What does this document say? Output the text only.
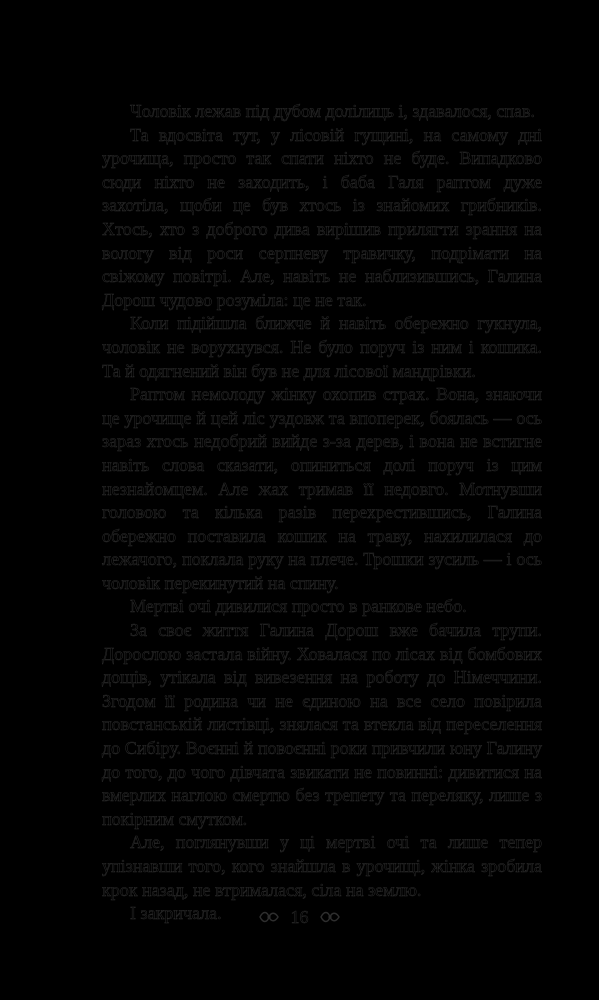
Чоловік лежав під дубом долілиць і, здавалося, спав.

Та вдосвіта тут, у лісовій гущині, на самому дні урочища, просто так спати ніхто не буде. Випадково сюди ніхто не заходить, і баба Галя раптом дуже захотіла, щоби це був хтось із знайомих грибників. Хтось, хто з доброго дива вирішив прилягти зрання на вологу від роси серпневу травичку, подрімати на свіжому повітрі. Але, навіть не наблизившись, Галина Дорош чудово розуміла: це не так.

Коли підійшла ближче й навіть обережно гукнула, чоловік не ворухнувся. Не було поруч із ним і кошика. Та й одягнений він був не для лісової мандрівки.

Раптом немолоду жінку охопив страх. Вона, знаючи це урочище й цей ліс уздовж та впоперек, боялась — ось зараз хтось недобрий вийде з-за дерев, і вона не встигне навіть слова сказати, опиниться долі поруч із цим незнайомцем. Але жах тримав її недовго. Мотнувши головою та кілька разів перехрестившись, Галина обережно поставила кошик на траву, нахилилася до лежачого, поклала руку на плече. Трошки зусиль — і ось чоловік перекинутий на спину.

Мертві очі дивилися просто в ранкове небо.

За своє життя Галина Дорош вже бачила трупи. Дорослою застала війну. Ховалася по лісах від бомбових дощів, утікала від вивезення на роботу до Німеччини. Згодом її родина чи не єдиною на все село повірила повстанській листівці, знялася та втекла від переселення до Сибіру. Воєнні й повоєнні роки привчили юну Галину до того, до чого дівчата звикати не повинні: дивитися на вмерлих наглою смертю без трепету та переляку, лише з покірним смутком.

Але, поглянувши у ці мертві очі та лише тепер упізнавши того, кого знайшла в урочищі, жінка зробила крок назад, не втрималася, сіла на землю.

І закричала.	16
